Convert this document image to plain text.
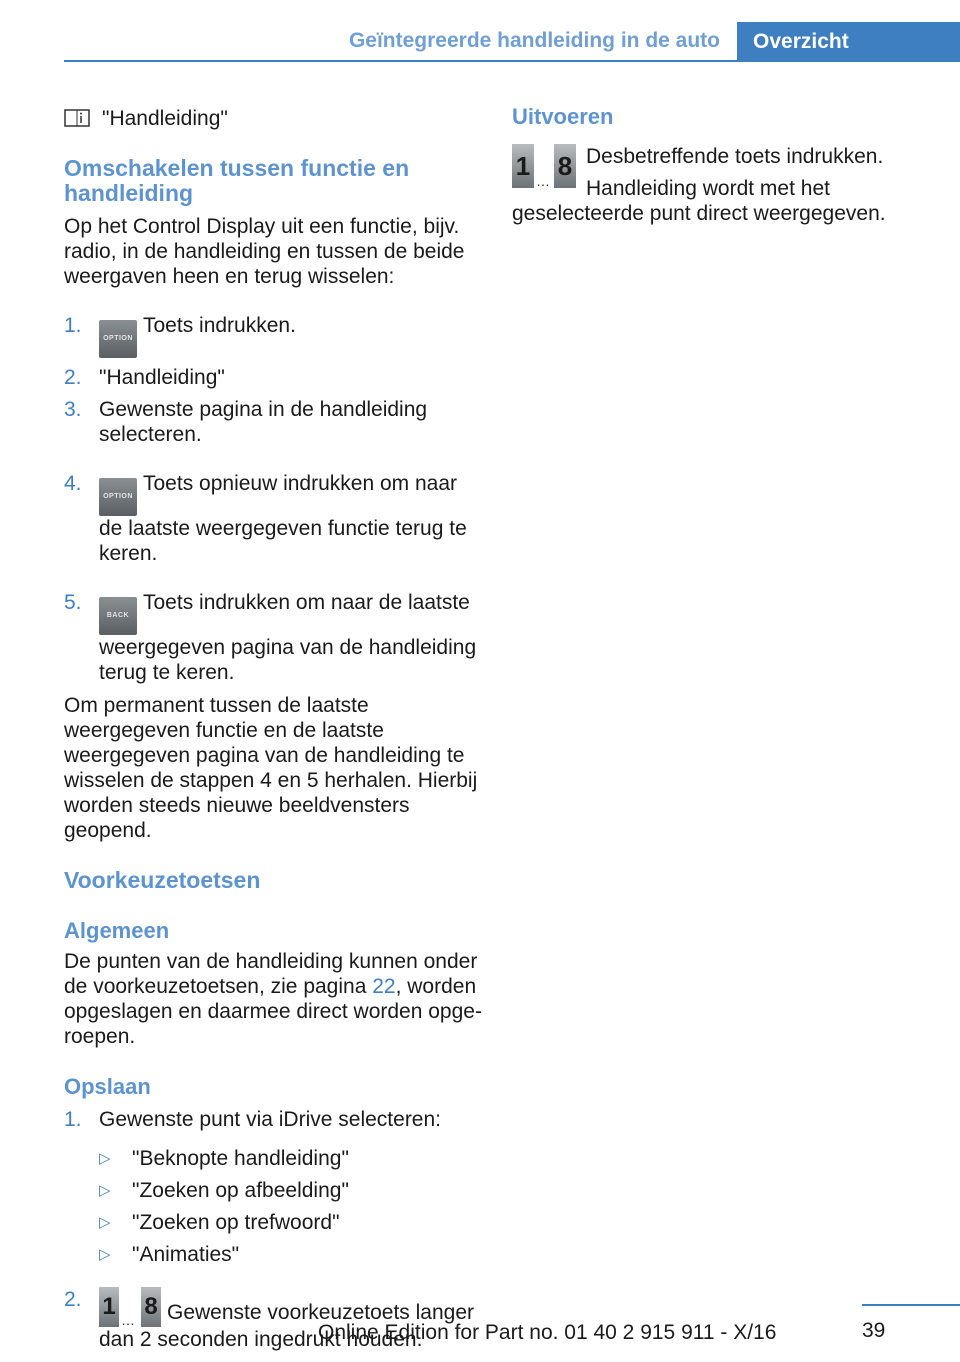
Geïntegreerde handleiding in de auto	Overzicht

"Handleiding"

Omschakelen tussen functie en handleiding

Op het Control Display uit een functie, bijv. radio, in de handleiding en tussen de beide weergaven heen en terug wisselen:

1.
OPTIONToets indrukken.
2. "Handleiding"
3. Gewenste pagina in de handleiding selecteren.
4.
OPTIONToets opnieuw indrukken om naar de laatste weergegeven functie terug te keren.
5.
BACKToets indrukken om naar de laatste weergegeven pagina van de handleiding terug te keren.

Om permanent tussen de laatste weergegeven functie en de laatste weergegeven pagina van de handleiding te wisselen de stappen 4 en 5 herhalen. Hierbij worden steeds nieuwe beeldvensters geopend.

Voorkeuzetoetsen

Algemeen

De punten van de handleiding kunnen onder de voorkeuzetoetsen, zie pagina 22, worden opgeslagen en daarmee direct worden opgeroepen.

Opslaan

1. Gewenste punt via iDrive selecteren:
▷ "Beknopte handleiding"
▷ "Zoeken op afbeelding"
▷ "Zoeken op trefwoord"
▷ "Animaties"
2. 1 … 8 Gewenste voorkeuzetoets langer dan 2 seconden ingedrukt houden.

Uitvoeren

1 … 8 Desbetreffende toets indrukken.

Handleiding wordt met het geselecteerde punt direct weergegeven.

39
Online Edition for Part no. 01 40 2 915 911 - X/16
